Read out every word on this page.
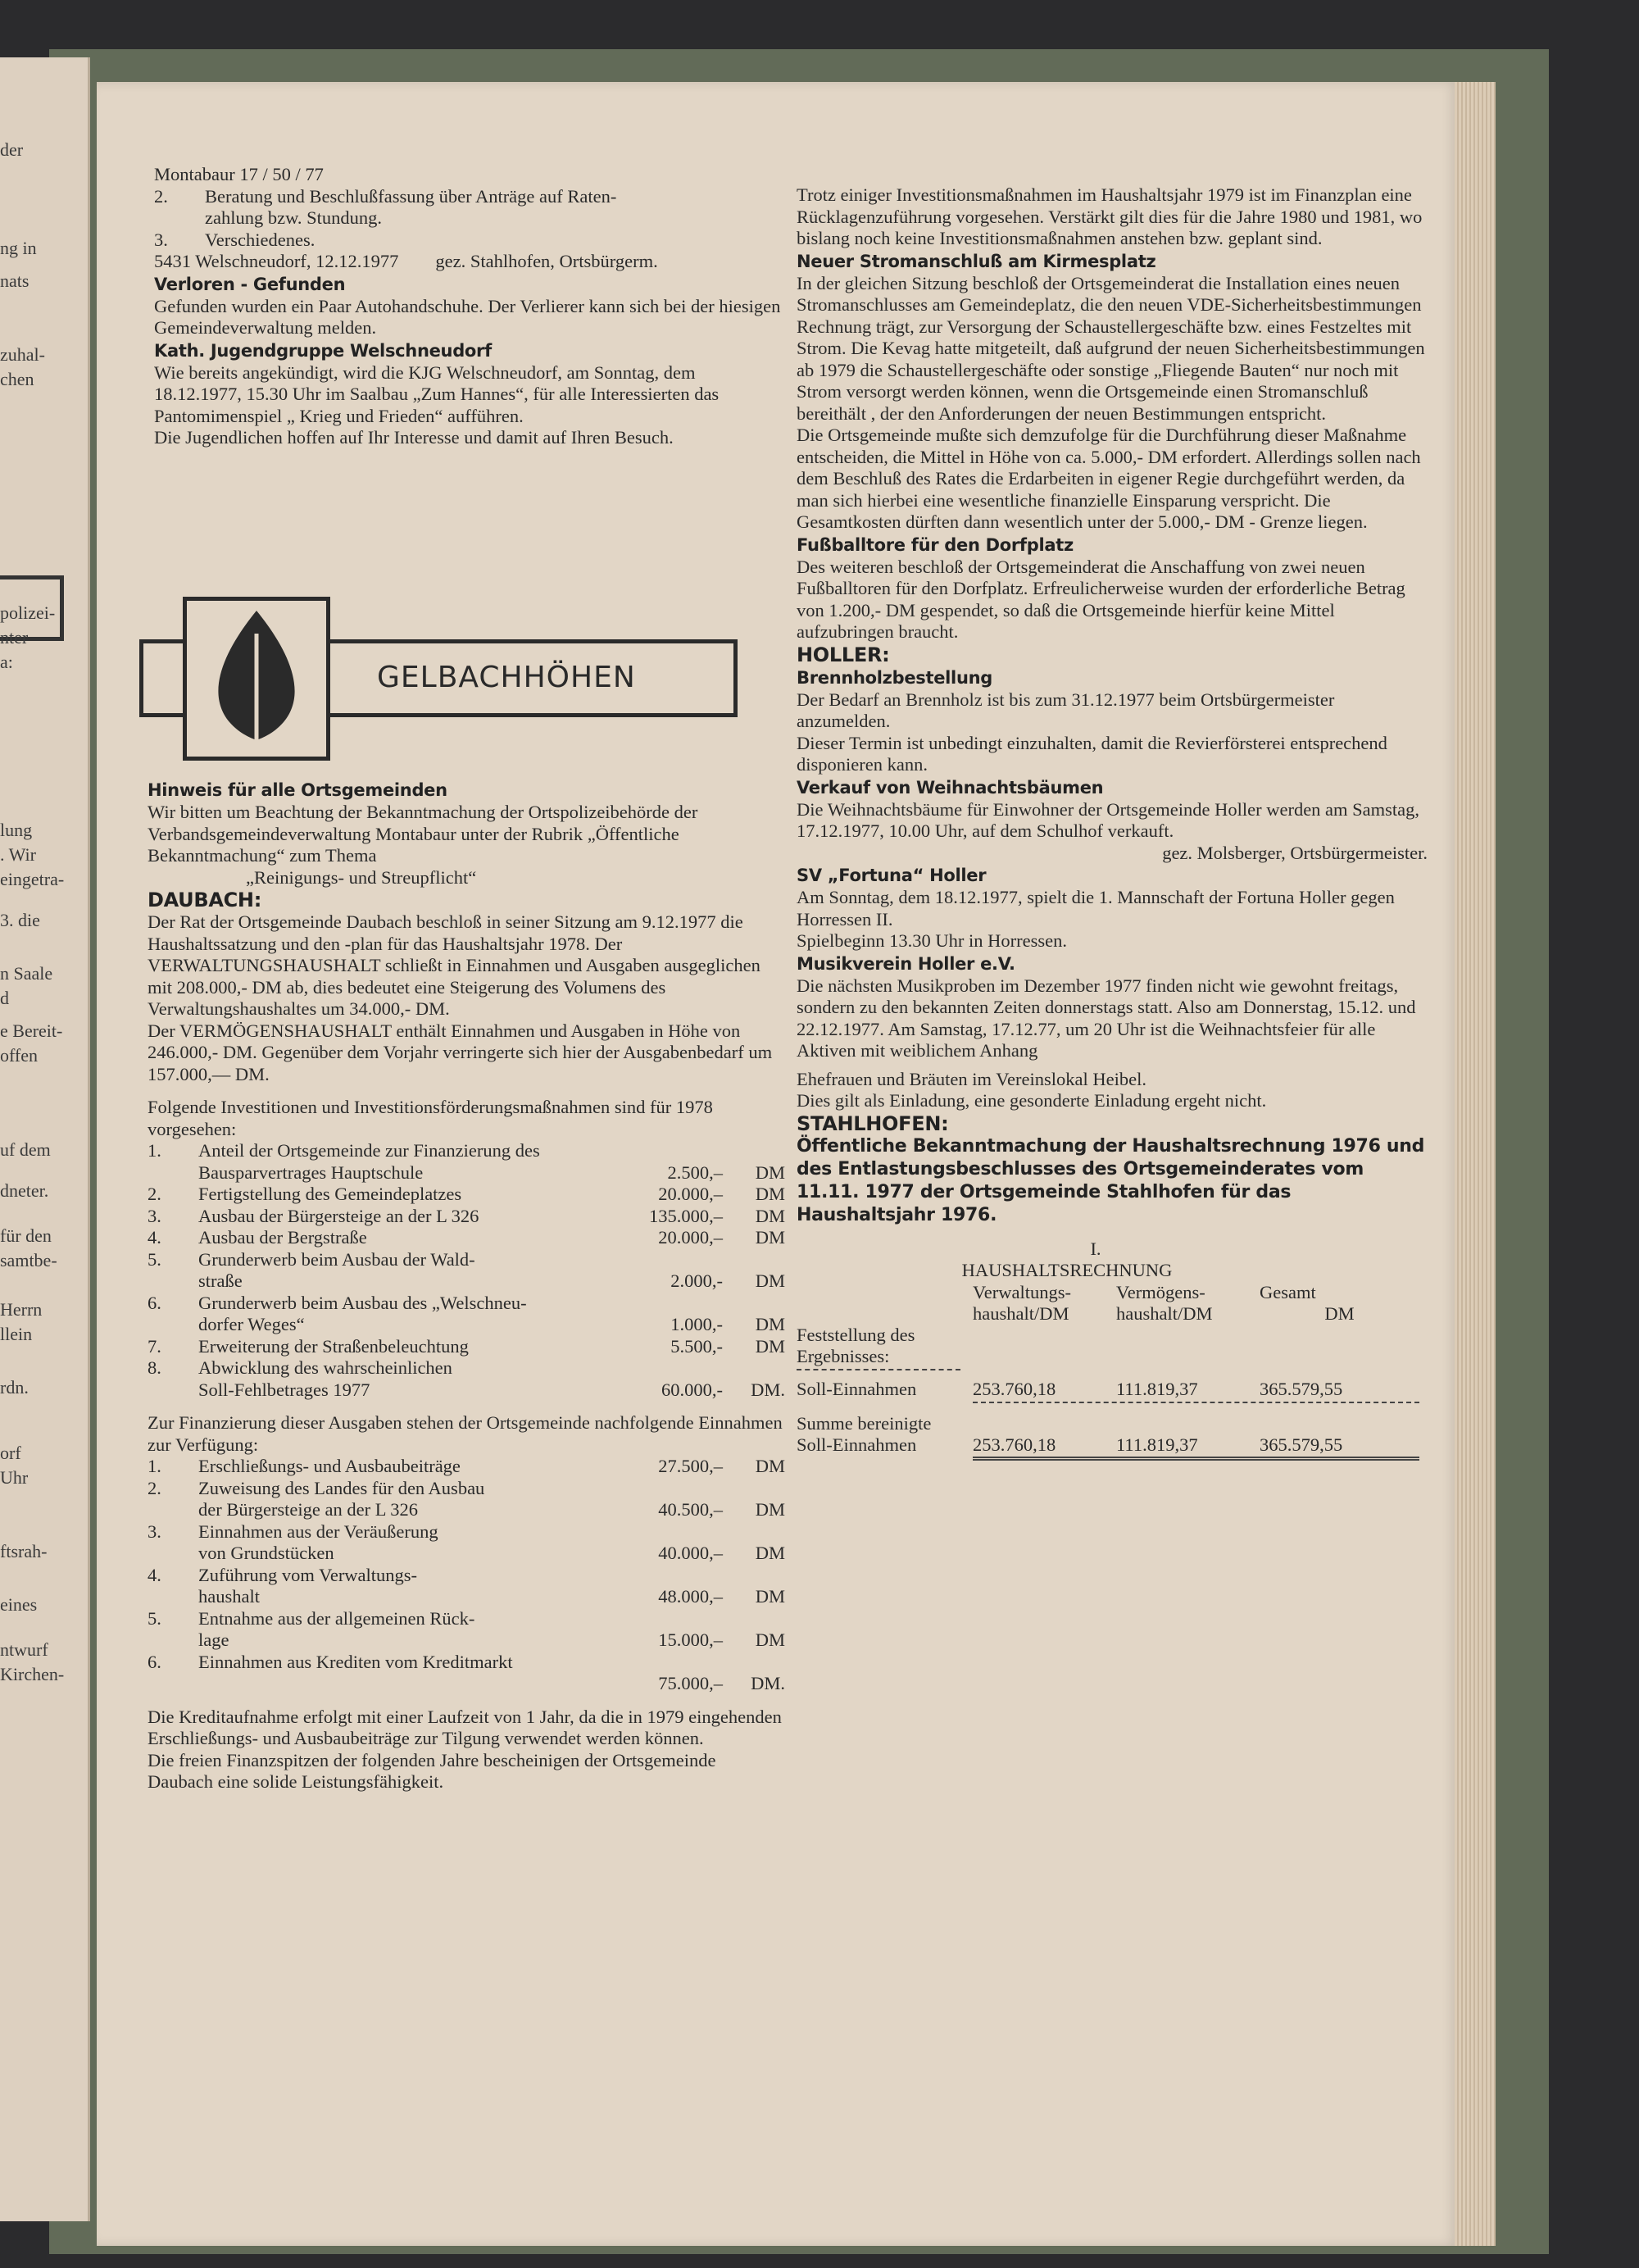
der
ng in
nats
zuhal-
chen
polizei-
nter
a:
lung
. Wir
eingetra-
3. die
n Saale
d
e Bereit-
offen
uf dem
dneter.
für den
samtbe-
Herrn
llein
rdn.
orf
Uhr
ftsrah-
eines
ntwurf
Kirchen-
Montabaur 17 / 50 / 77
2.	Beratung und Beschlußfassung über Anträge auf Raten-
zahlung bzw. Stundung.
3.	Verschiedenes.
5431 Welschneudorf, 12.12.1977        gez. Stahlhofen, Ortsbürgerm.
Verloren - Gefunden

Gefunden wurden ein Paar Autohandschuhe. Der Verlierer kann sich bei der hiesigen Gemeindeverwaltung melden.

Kath. Jugendgruppe Welschneudorf

Wie bereits angekündigt, wird die KJG Welschneudorf, am Sonntag, dem 18.12.1977, 15.30 Uhr im Saalbau „Zum Hannes“, für alle Interessierten das Pantomimenspiel „ Krieg und Frieden“ aufführen.

Die Jugendlichen hoffen auf Ihr Interesse und damit auf Ihren Besuch.

GELBACHHÖHEN
Hinweis für alle Ortsgemeinden

Wir bitten um Beachtung der Bekanntmachung der Ortspolizeibehörde der Verbandsgemeindeverwaltung Montabaur unter der Rubrik „Öffentliche Bekanntmachung“ zum Thema

„Reinigungs- und Streupflicht“

DAUBACH:

Der Rat der Ortsgemeinde Daubach beschloß in seiner Sitzung am 9.12.1977 die Haushaltssatzung und den -plan für das Haushaltsjahr 1978. Der VERWALTUNGSHAUSHALT schließt in Einnahmen und Ausgaben ausgeglichen mit 208.000,- DM ab, dies bedeutet eine Steigerung des Volumens des Verwaltungshaushaltes um 34.000,- DM.

Der VERMÖGENSHAUSHALT enthält Einnahmen und Ausgaben in Höhe von 246.000,- DM. Gegenüber dem Vorjahr verringerte sich hier der Ausgabenbedarf um 157.000,— DM.

Folgende Investitionen und Investitionsförderungsmaßnahmen sind für 1978 vorgesehen:

1.	Anteil der Ortsgemeinde zur Finanzierung des
Bausparvertrages Hauptschule	2.500,–	DM
2.	Fertigstellung des Gemeindeplatzes	20.000,–	DM
3.	Ausbau der Bürgersteige an der L 326	135.000,–	DM
4.	Ausbau der Bergstraße	20.000,–	DM
5.	Grunderwerb beim Ausbau der Wald-
straße	2.000,-	DM
6.	Grunderwerb beim Ausbau des „Welschneu-
dorfer Weges“	1.000,-	DM
7.	Erweiterung der Straßenbeleuchtung	5.500,-	DM
8.	Abwicklung des wahrscheinlichen
Soll-Fehlbetrages 1977	60.000,-	DM.

Zur Finanzierung dieser Ausgaben stehen der Ortsgemeinde nachfolgende Einnahmen zur Verfügung:

1.	Erschließungs- und Ausbaubeiträge	27.500,–	DM
2.	Zuweisung des Landes für den Ausbau
der Bürgersteige an der L 326	40.500,–	DM
3.	Einnahmen aus der Veräußerung
von Grundstücken	40.000,–	DM
4.	Zuführung vom Verwaltungs-
haushalt	48.000,–	DM
5.	Entnahme aus der allgemeinen Rück-
lage	15.000,–	DM
6.	Einnahmen aus Krediten vom Kreditmarkt

75.000,–	DM.

Die Kreditaufnahme erfolgt mit einer Laufzeit von 1 Jahr, da die in 1979 eingehenden Erschließungs- und Ausbaubeiträge zur Tilgung verwendet werden können.

Die freien Finanzspitzen der folgenden Jahre bescheinigen der Ortsgemeinde Daubach eine solide Leistungsfähigkeit.

Trotz einiger Investitionsmaßnahmen im Haushaltsjahr 1979 ist im Finanzplan eine Rücklagenzuführung vorgesehen. Verstärkt gilt dies für die Jahre 1980 und 1981, wo bislang noch keine Investitionsmaßnahmen anstehen bzw. geplant sind.

Neuer Stromanschluß am Kirmesplatz

In der gleichen Sitzung beschloß der Ortsgemeinderat die Installation eines neuen Stromanschlusses am Gemeindeplatz, die den neuen VDE-Sicherheitsbestimmungen Rechnung trägt, zur Versorgung der Schaustellergeschäfte bzw. eines Festzeltes mit Strom. Die Kevag hatte mitgeteilt, daß aufgrund der neuen Sicherheitsbestimmungen ab 1979 die Schaustellergeschäfte oder sonstige „Fliegende Bauten“ nur noch mit Strom versorgt werden können, wenn die Ortsgemeinde einen Stromanschluß bereithält , der den Anforderungen der neuen Bestimmungen entspricht.

Die Ortsgemeinde mußte sich demzufolge für die Durchführung dieser Maßnahme entscheiden, die Mittel in Höhe von ca. 5.000,- DM erfordert. Allerdings sollen nach dem Beschluß des Rates die Erdarbeiten in eigener Regie durchgeführt werden, da man sich hierbei eine wesentliche finanzielle Einsparung verspricht. Die Gesamtkosten dürften dann wesentlich unter der 5.000,- DM - Grenze liegen.

Fußballtore für den Dorfplatz

Des weiteren beschloß der Ortsgemeinderat die Anschaffung von zwei neuen Fußballtoren für den Dorfplatz. Erfreulicherweise wurden der erforderliche Betrag von 1.200,- DM gespendet, so daß die Ortsgemeinde hierfür keine Mittel aufzubringen braucht.

HOLLER:
Brennholzbestellung

Der Bedarf an Brennholz ist bis zum 31.12.1977 beim Ortsbürgermeister anzumelden.

Dieser Termin ist unbedingt einzuhalten, damit die Revierförsterei entsprechend disponieren kann.

Verkauf von Weihnachtsbäumen

Die Weihnachtsbäume für Einwohner der Ortsgemeinde Holler werden am Samstag, 17.12.1977, 10.00 Uhr, auf dem Schulhof verkauft.

gez. Molsberger, Ortsbürgermeister.

SV „Fortuna“ Holler

Am Sonntag, dem 18.12.1977, spielt die 1. Mannschaft der Fortuna Holler gegen Horressen II.

Spielbeginn 13.30 Uhr in Horressen.

Musikverein Holler e.V.

Die nächsten Musikproben im Dezember 1977 finden nicht wie gewohnt freitags, sondern zu den bekannten Zeiten donnerstags statt. Also am Donnerstag, 15.12. und 22.12.1977. Am Samstag, 17.12.77, um 20 Uhr ist die Weihnachtsfeier für alle Aktiven mit weiblichem Anhang

Ehefrauen und Bräuten im Vereinslokal Heibel.

Dies gilt als Einladung, eine gesonderte Einladung ergeht nicht.

STAHLHOFEN:
Öffentliche Bekanntmachung der Haushaltsrechnung 1976 und des Entlastungsbeschlusses des Ortsgemeinderates vom 11.11. 1977 der Ortsgemeinde Stahlhofen für das Haushaltsjahr 1976.
I.
HAUSHALTSRECHNUNG
	Verwaltungs-	Vermögens-	Gesamt
	haushalt/DM	haushalt/DM	DM
Feststellung des			
Ergebnisses:			

Soll-Einnahmen	253.760,18	111.819,37	365.579,55

Summe bereinigte			
Soll-Einnahmen	253.760,18	111.819,37	365.579,55
